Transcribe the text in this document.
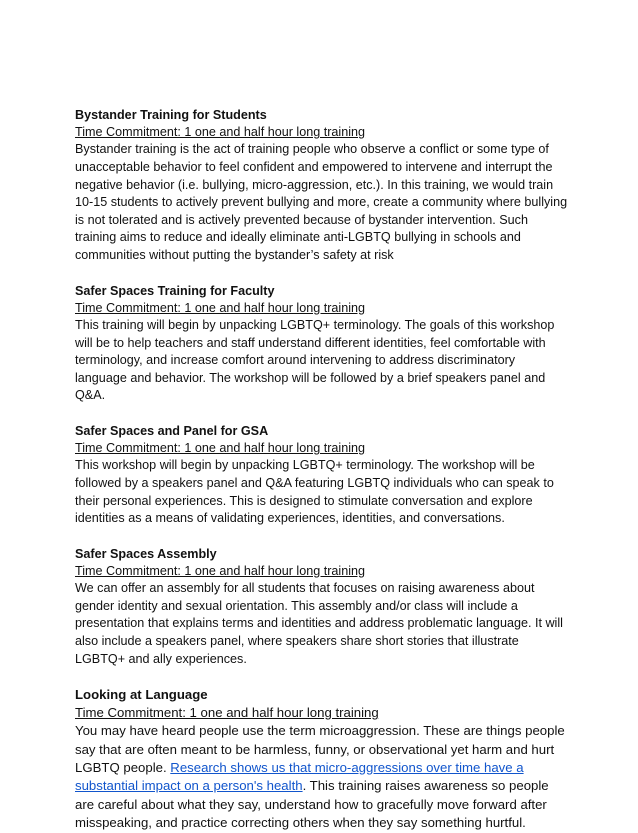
Bystander Training for Students

Time Commitment: 1 one and half hour long training

Bystander training is the act of training people who observe a conflict or some type of unacceptable behavior to feel confident and empowered to intervene and interrupt the negative behavior (i.e. bullying, micro-aggression, etc.). In this training, we would train 10-15 students to actively prevent bullying and more, create a community where bullying is not tolerated and is actively prevented because of bystander intervention. Such training aims to reduce and ideally eliminate anti-LGBTQ bullying in schools and communities without putting the bystander’s safety at risk

Safer Spaces Training for Faculty

Time Commitment: 1 one and half hour long training

This training will begin by unpacking LGBTQ+ terminology. The goals of this workshop will be to help teachers and staff understand different identities, feel comfortable with terminology, and increase comfort around intervening to address discriminatory language and behavior. The workshop will be followed by a brief speakers panel and Q&A.

Safer Spaces and Panel for GSA

Time Commitment: 1 one and half hour long training

This workshop will begin by unpacking LGBTQ+ terminology. The workshop will be followed by a speakers panel and Q&A featuring LGBTQ individuals who can speak to their personal experiences. This is designed to stimulate conversation and explore identities as a means of validating experiences, identities, and conversations.

Safer Spaces Assembly

Time Commitment: 1 one and half hour long training

We can offer an assembly for all students that focuses on raising awareness about gender identity and sexual orientation. This assembly and/or class will include a presentation that explains terms and identities and address problematic language. It will also include a speakers panel, where speakers share short stories that illustrate LGBTQ+ and ally experiences.

Looking at Language

Time Commitment: 1 one and half hour long training

You may have heard people use the term microaggression. These are things people say that are often meant to be harmless, funny, or observational yet harm and hurt LGBTQ people. Research shows us that micro-aggressions over time have a substantial impact on a person's health. This training raises awareness so people are careful about what they say, understand how to gracefully move forward after misspeaking, and practice correcting others when they say something hurtful.
